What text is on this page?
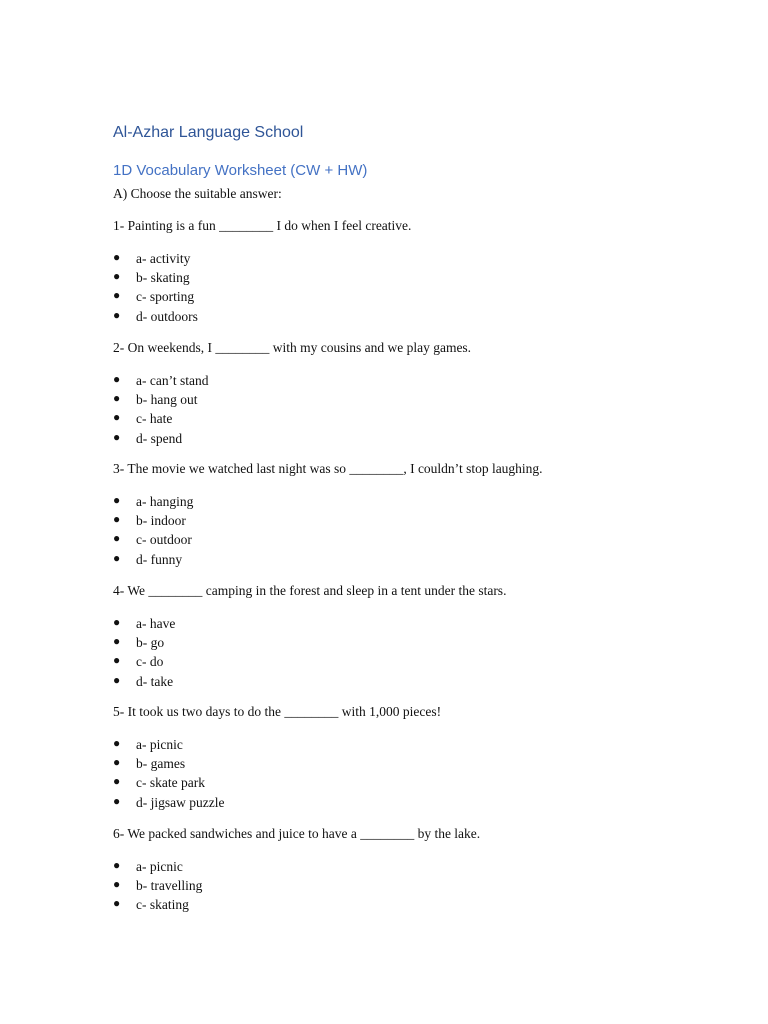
Al-Azhar Language School
1D Vocabulary Worksheet (CW + HW)
A) Choose the suitable answer:

1- Painting is a fun ________ I do when I feel creative.

● a- activity
● b- skating
● c- sporting
● d- outdoors

2- On weekends, I ________ with my cousins and we play games.

● a- can’t stand
● b- hang out
● c- hate
● d- spend

3- The movie we watched last night was so ________, I couldn’t stop laughing.

● a- hanging
● b- indoor
● c- outdoor
● d- funny

4- We ________ camping in the forest and sleep in a tent under the stars.

● a- have
● b- go
● c- do
● d- take

5- It took us two days to do the ________ with 1,000 pieces!

● a- picnic
● b- games
● c- skate park
● d- jigsaw puzzle

6- We packed sandwiches and juice to have a ________ by the lake.

● a- picnic
● b- travelling
● c- skating
